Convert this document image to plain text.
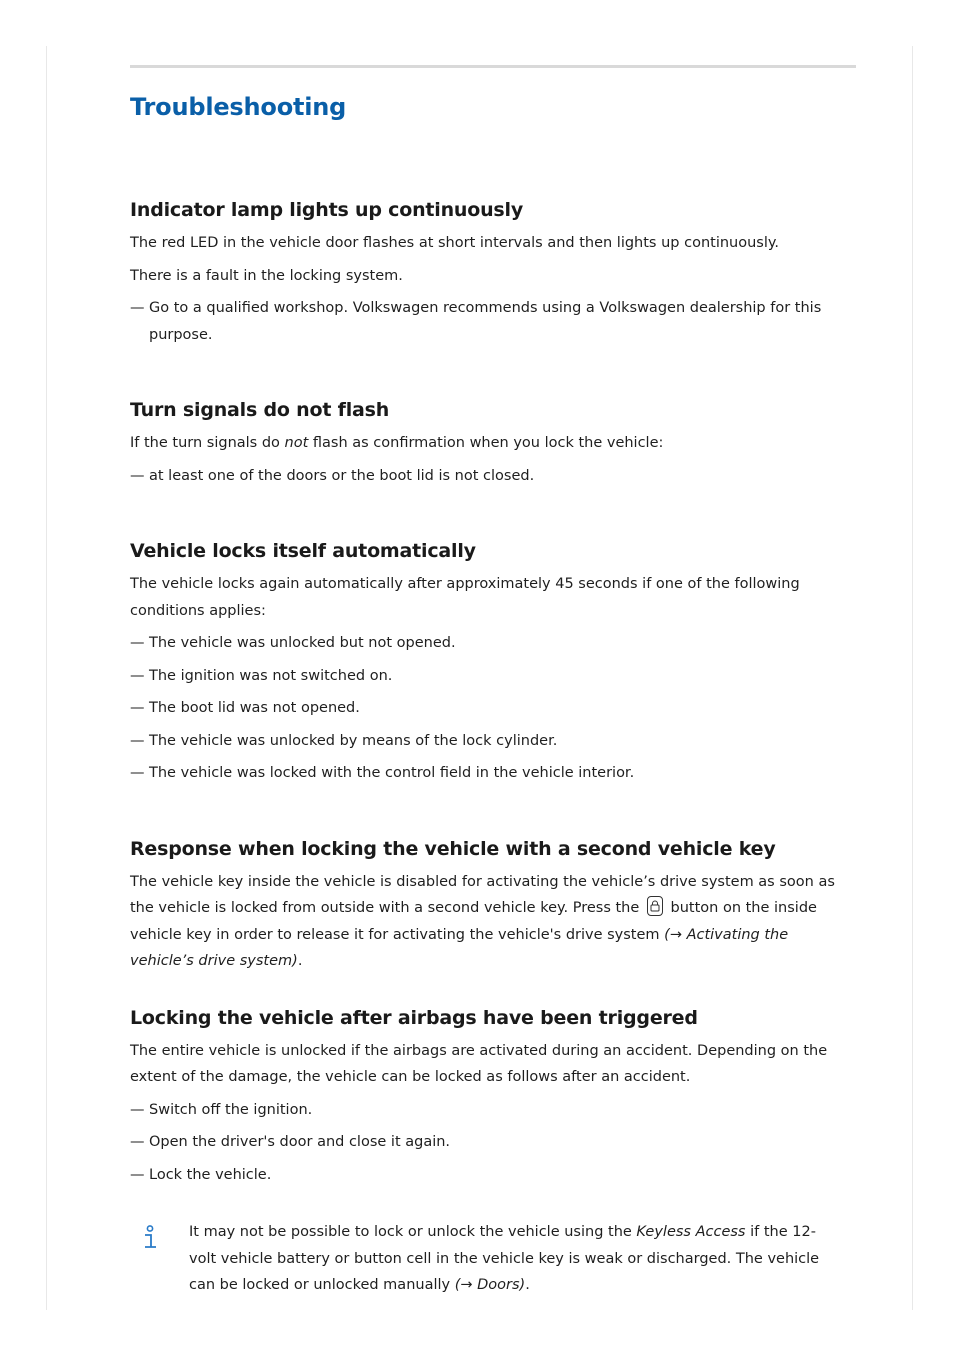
Troubleshooting
Indicator lamp lights up continuously

The red LED in the vehicle door flashes at short intervals and then lights up continuously.

There is a fault in the locking system.

— Go to a qualified workshop. Volkswagen recommends using a Volkswagen dealership for this purpose.
Turn signals do not flash

If the turn signals do not flash as confirmation when you lock the vehicle:

— at least one of the doors or the boot lid is not closed.
Vehicle locks itself automatically

The vehicle locks again automatically after approximately 45 seconds if one of the following conditions applies:

— The vehicle was unlocked but not opened.
— The ignition was not switched on.
— The boot lid was not opened.
— The vehicle was unlocked by means of the lock cylinder.
— The vehicle was locked with the control field in the vehicle interior.
Response when locking the vehicle with a second vehicle key

The vehicle key inside the vehicle is disabled for activating the vehicle’s drive system as soon as the vehicle is locked from outside with a second vehicle key. Press the button on the inside vehicle key in order to release it for activating the vehicle's drive system (→ Activating the vehicle’s drive system).

Locking the vehicle after airbags have been triggered

The entire vehicle is unlocked if the airbags are activated during an accident. Depending on the extent of the damage, the vehicle can be locked as follows after an accident.

— Switch off the ignition.
— Open the driver's door and close it again.
— Lock the vehicle.

It may not be possible to lock or unlock the vehicle using the Keyless Access if the 12-volt vehicle battery or button cell in the vehicle key is weak or discharged. The vehicle can be locked or unlocked manually (→ Doors).
